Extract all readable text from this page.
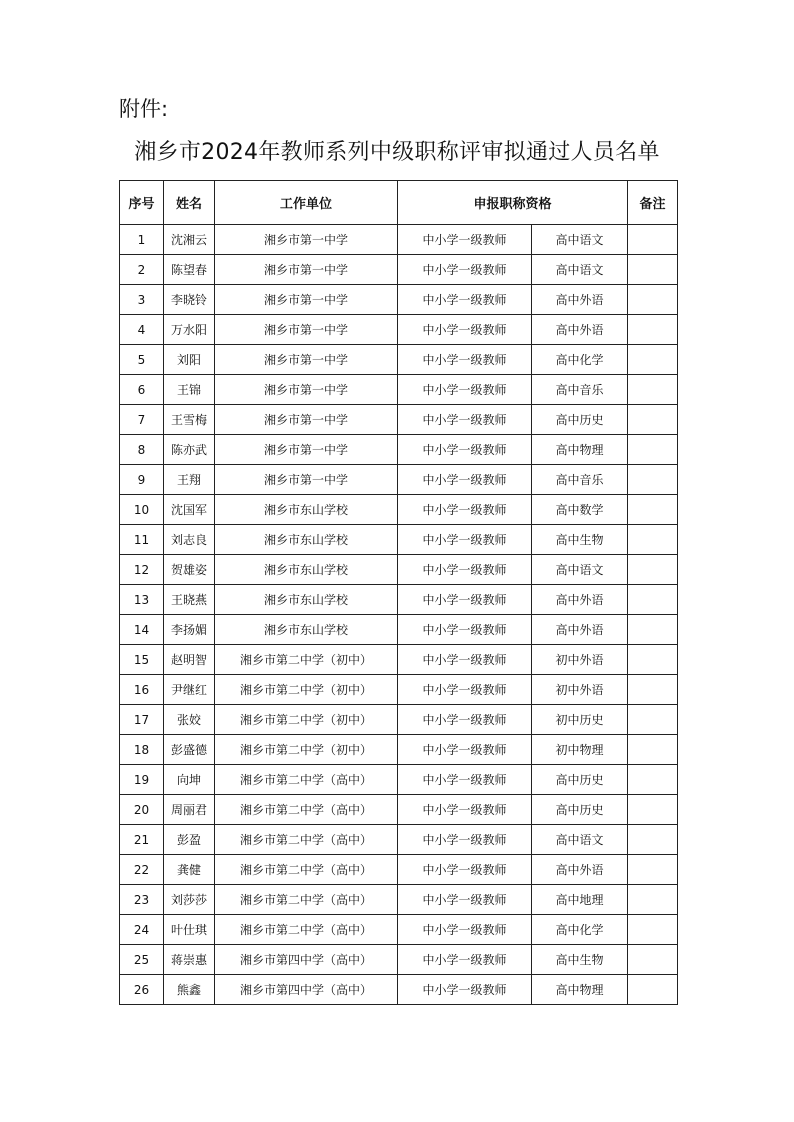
附件:
湘乡市2024年教师系列中级职称评审拟通过人员名单
序号	姓名	工作单位	申报职称资格		备注
1	沈湘云	湘乡市第一中学	中小学一级教师	高中语文	
2	陈望春	湘乡市第一中学	中小学一级教师	高中语文	
3	李晓铃	湘乡市第一中学	中小学一级教师	高中外语	
4	万水阳	湘乡市第一中学	中小学一级教师	高中外语	
5	刘阳	湘乡市第一中学	中小学一级教师	高中化学	
6	王锦	湘乡市第一中学	中小学一级教师	高中音乐	
7	王雪梅	湘乡市第一中学	中小学一级教师	高中历史	
8	陈亦武	湘乡市第一中学	中小学一级教师	高中物理	
9	王翔	湘乡市第一中学	中小学一级教师	高中音乐	
10	沈国军	湘乡市东山学校	中小学一级教师	高中数学	
11	刘志良	湘乡市东山学校	中小学一级教师	高中生物	
12	贺雄姿	湘乡市东山学校	中小学一级教师	高中语文	
13	王晓燕	湘乡市东山学校	中小学一级教师	高中外语	
14	李扬媚	湘乡市东山学校	中小学一级教师	高中外语	
15	赵明智	湘乡市第二中学（初中）	中小学一级教师	初中外语	
16	尹继红	湘乡市第二中学（初中）	中小学一级教师	初中外语	
17	张姣	湘乡市第二中学（初中）	中小学一级教师	初中历史	
18	彭盛德	湘乡市第二中学（初中）	中小学一级教师	初中物理	
19	向坤	湘乡市第二中学（高中）	中小学一级教师	高中历史	
20	周丽君	湘乡市第二中学（高中）	中小学一级教师	高中历史	
21	彭盈	湘乡市第二中学（高中）	中小学一级教师	高中语文	
22	龚健	湘乡市第二中学（高中）	中小学一级教师	高中外语	
23	刘莎莎	湘乡市第二中学（高中）	中小学一级教师	高中地理	
24	叶仕琪	湘乡市第二中学（高中）	中小学一级教师	高中化学	
25	蒋崇惠	湘乡市第四中学（高中）	中小学一级教师	高中生物	
26	熊鑫	湘乡市第四中学（高中）	中小学一级教师	高中物理	
